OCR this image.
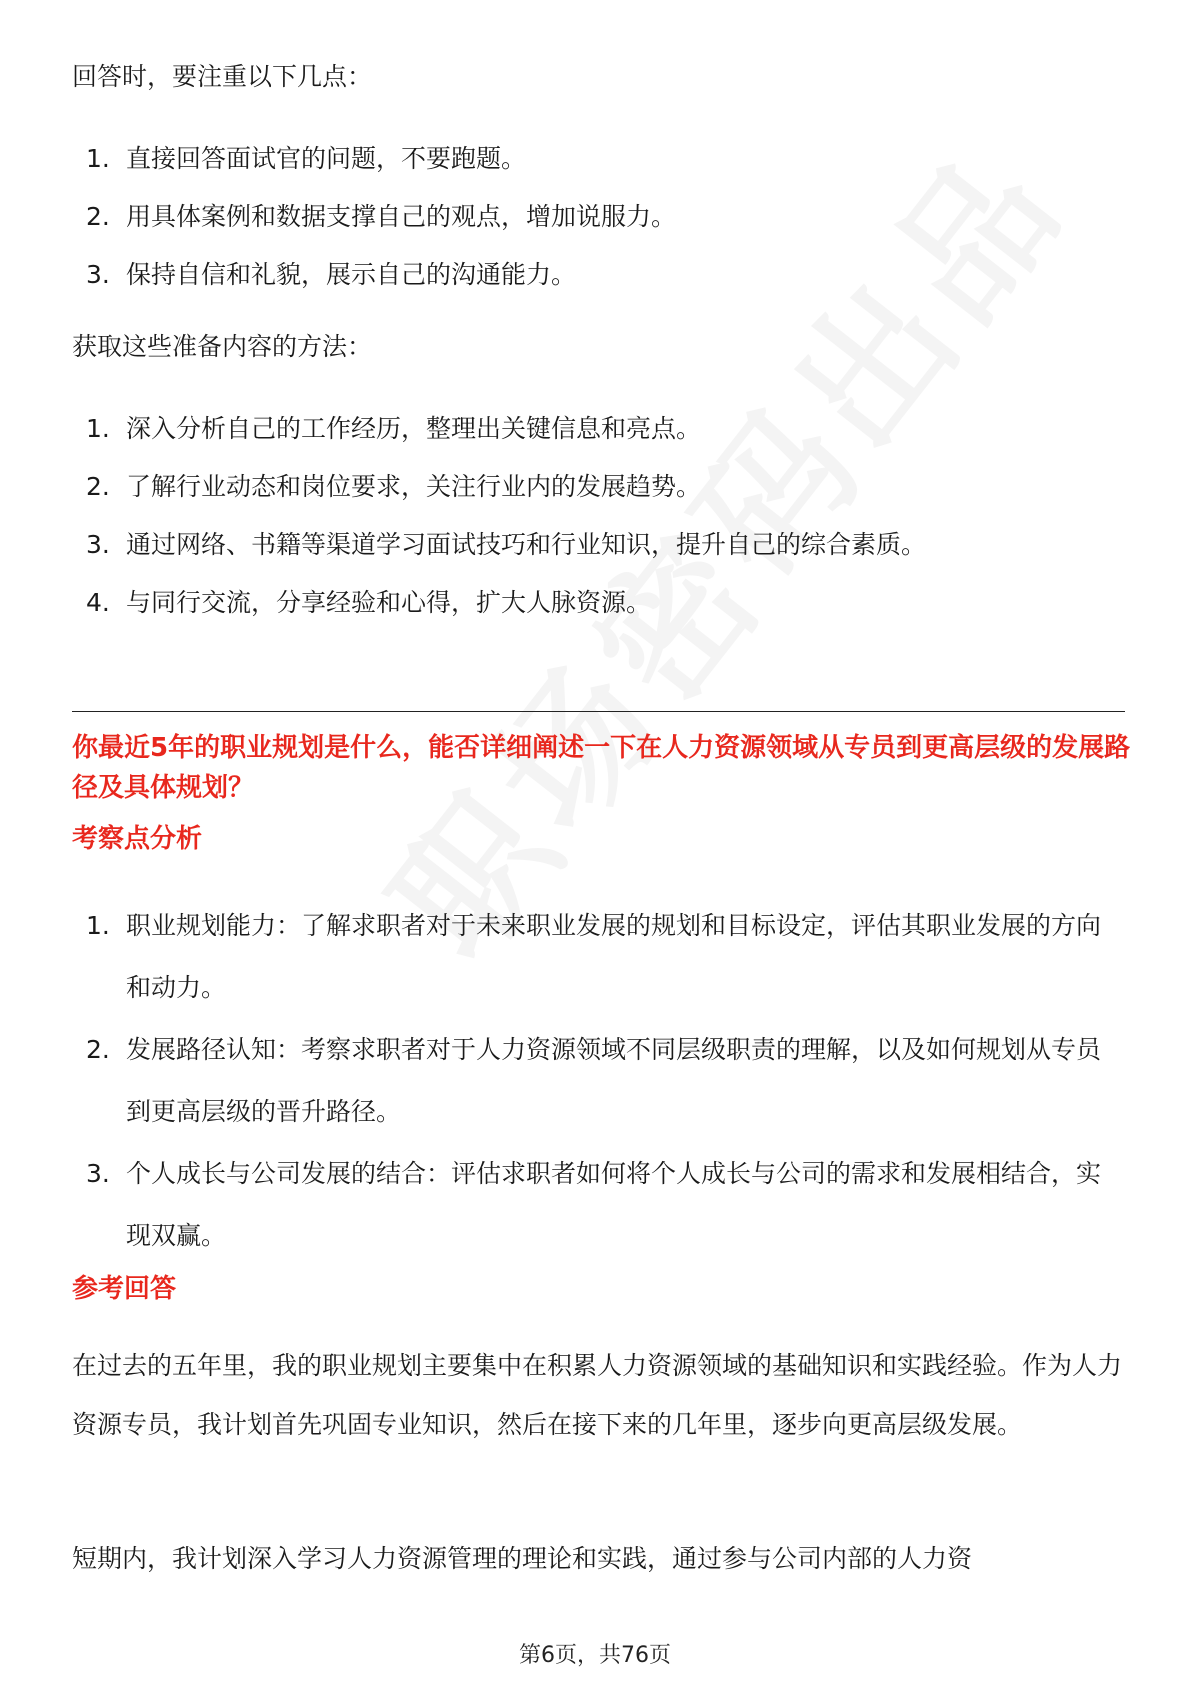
回答时，要注重以下几点：

1. 直接回答面试官的问题，不要跑题。
2. 用具体案例和数据支撑自己的观点，增加说服力。
3. 保持自信和礼貌，展示自己的沟通能力。

获取这些准备内容的方法：

1. 深入分析自己的工作经历，整理出关键信息和亮点。
2. 了解行业动态和岗位要求，关注行业内的发展趋势。
3. 通过网络、书籍等渠道学习面试技巧和行业知识，提升自己的综合素质。
4. 与同行交流，分享经验和心得，扩大人脉资源。

你最近5年的职业规划是什么，能否详细阐述一下在人力资源领域从专员到更高层级的发展路径及具体规划？

考察点分析

1. 职业规划能力：了解求职者对于未来职业发展的规划和目标设定，评估其职业发展的方向和动力。
2. 发展路径认知：考察求职者对于人力资源领域不同层级职责的理解，以及如何规划从专员到更高层级的晋升路径。
3. 个人成长与公司发展的结合：评估求职者如何将个人成长与公司的需求和发展相结合，实现双赢。

参考回答

在过去的五年里，我的职业规划主要集中在积累人力资源领域的基础知识和实践经验。作为人力资源专员，我计划首先巩固专业知识，然后在接下来的几年里，逐步向更高层级发展。

短期内，我计划深入学习人力资源管理的理论和实践，通过参与公司内部的人力资

第6页，共76页
